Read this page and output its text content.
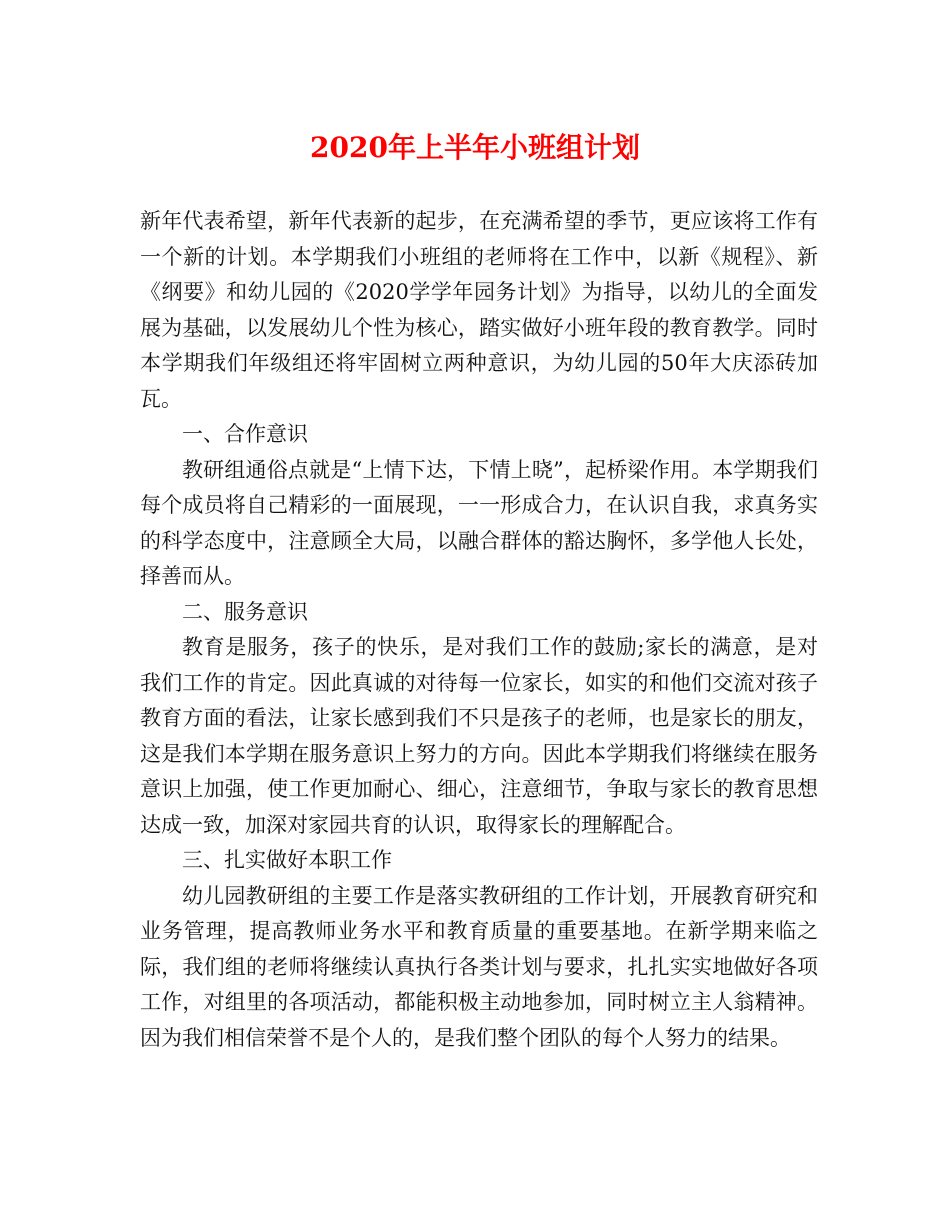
2020年上半年小班组计划

新年代表希望，新年代表新的起步，在充满希望的季节，更应该将工作有一个新的计划。本学期我们小班组的老师将在工作中，以新《规程》、新《纲要》和幼儿园的《2020学学年园务计划》为指导，以幼儿的全面发展为基础，以发展幼儿个性为核心，踏实做好小班年段的教育教学。同时本学期我们年级组还将牢固树立两种意识，为幼儿园的50年大庆添砖加瓦。

一、合作意识

教研组通俗点就是“上情下达，下情上晓”，起桥梁作用。本学期我们每个成员将自己精彩的一面展现，一一形成合力，在认识自我，求真务实的科学态度中，注意顾全大局，以融合群体的豁达胸怀，多学他人长处，择善而从。

二、服务意识

教育是服务，孩子的快乐，是对我们工作的鼓励;家长的满意，是对我们工作的肯定。因此真诚的对待每一位家长，如实的和他们交流对孩子教育方面的看法，让家长感到我们不只是孩子的老师，也是家长的朋友，这是我们本学期在服务意识上努力的方向。因此本学期我们将继续在服务意识上加强，使工作更加耐心、细心，注意细节，争取与家长的教育思想达成一致，加深对家园共育的认识，取得家长的理解配合。

三、扎实做好本职工作

幼儿园教研组的主要工作是落实教研组的工作计划，开展教育研究和业务管理，提高教师业务水平和教育质量的重要基地。在新学期来临之际，我们组的老师将继续认真执行各类计划与要求，扎扎实实地做好各项工作，对组里的各项活动，都能积极主动地参加，同时树立主人翁精神。因为我们相信荣誉不是个人的，是我们整个团队的每个人努力的结果。
